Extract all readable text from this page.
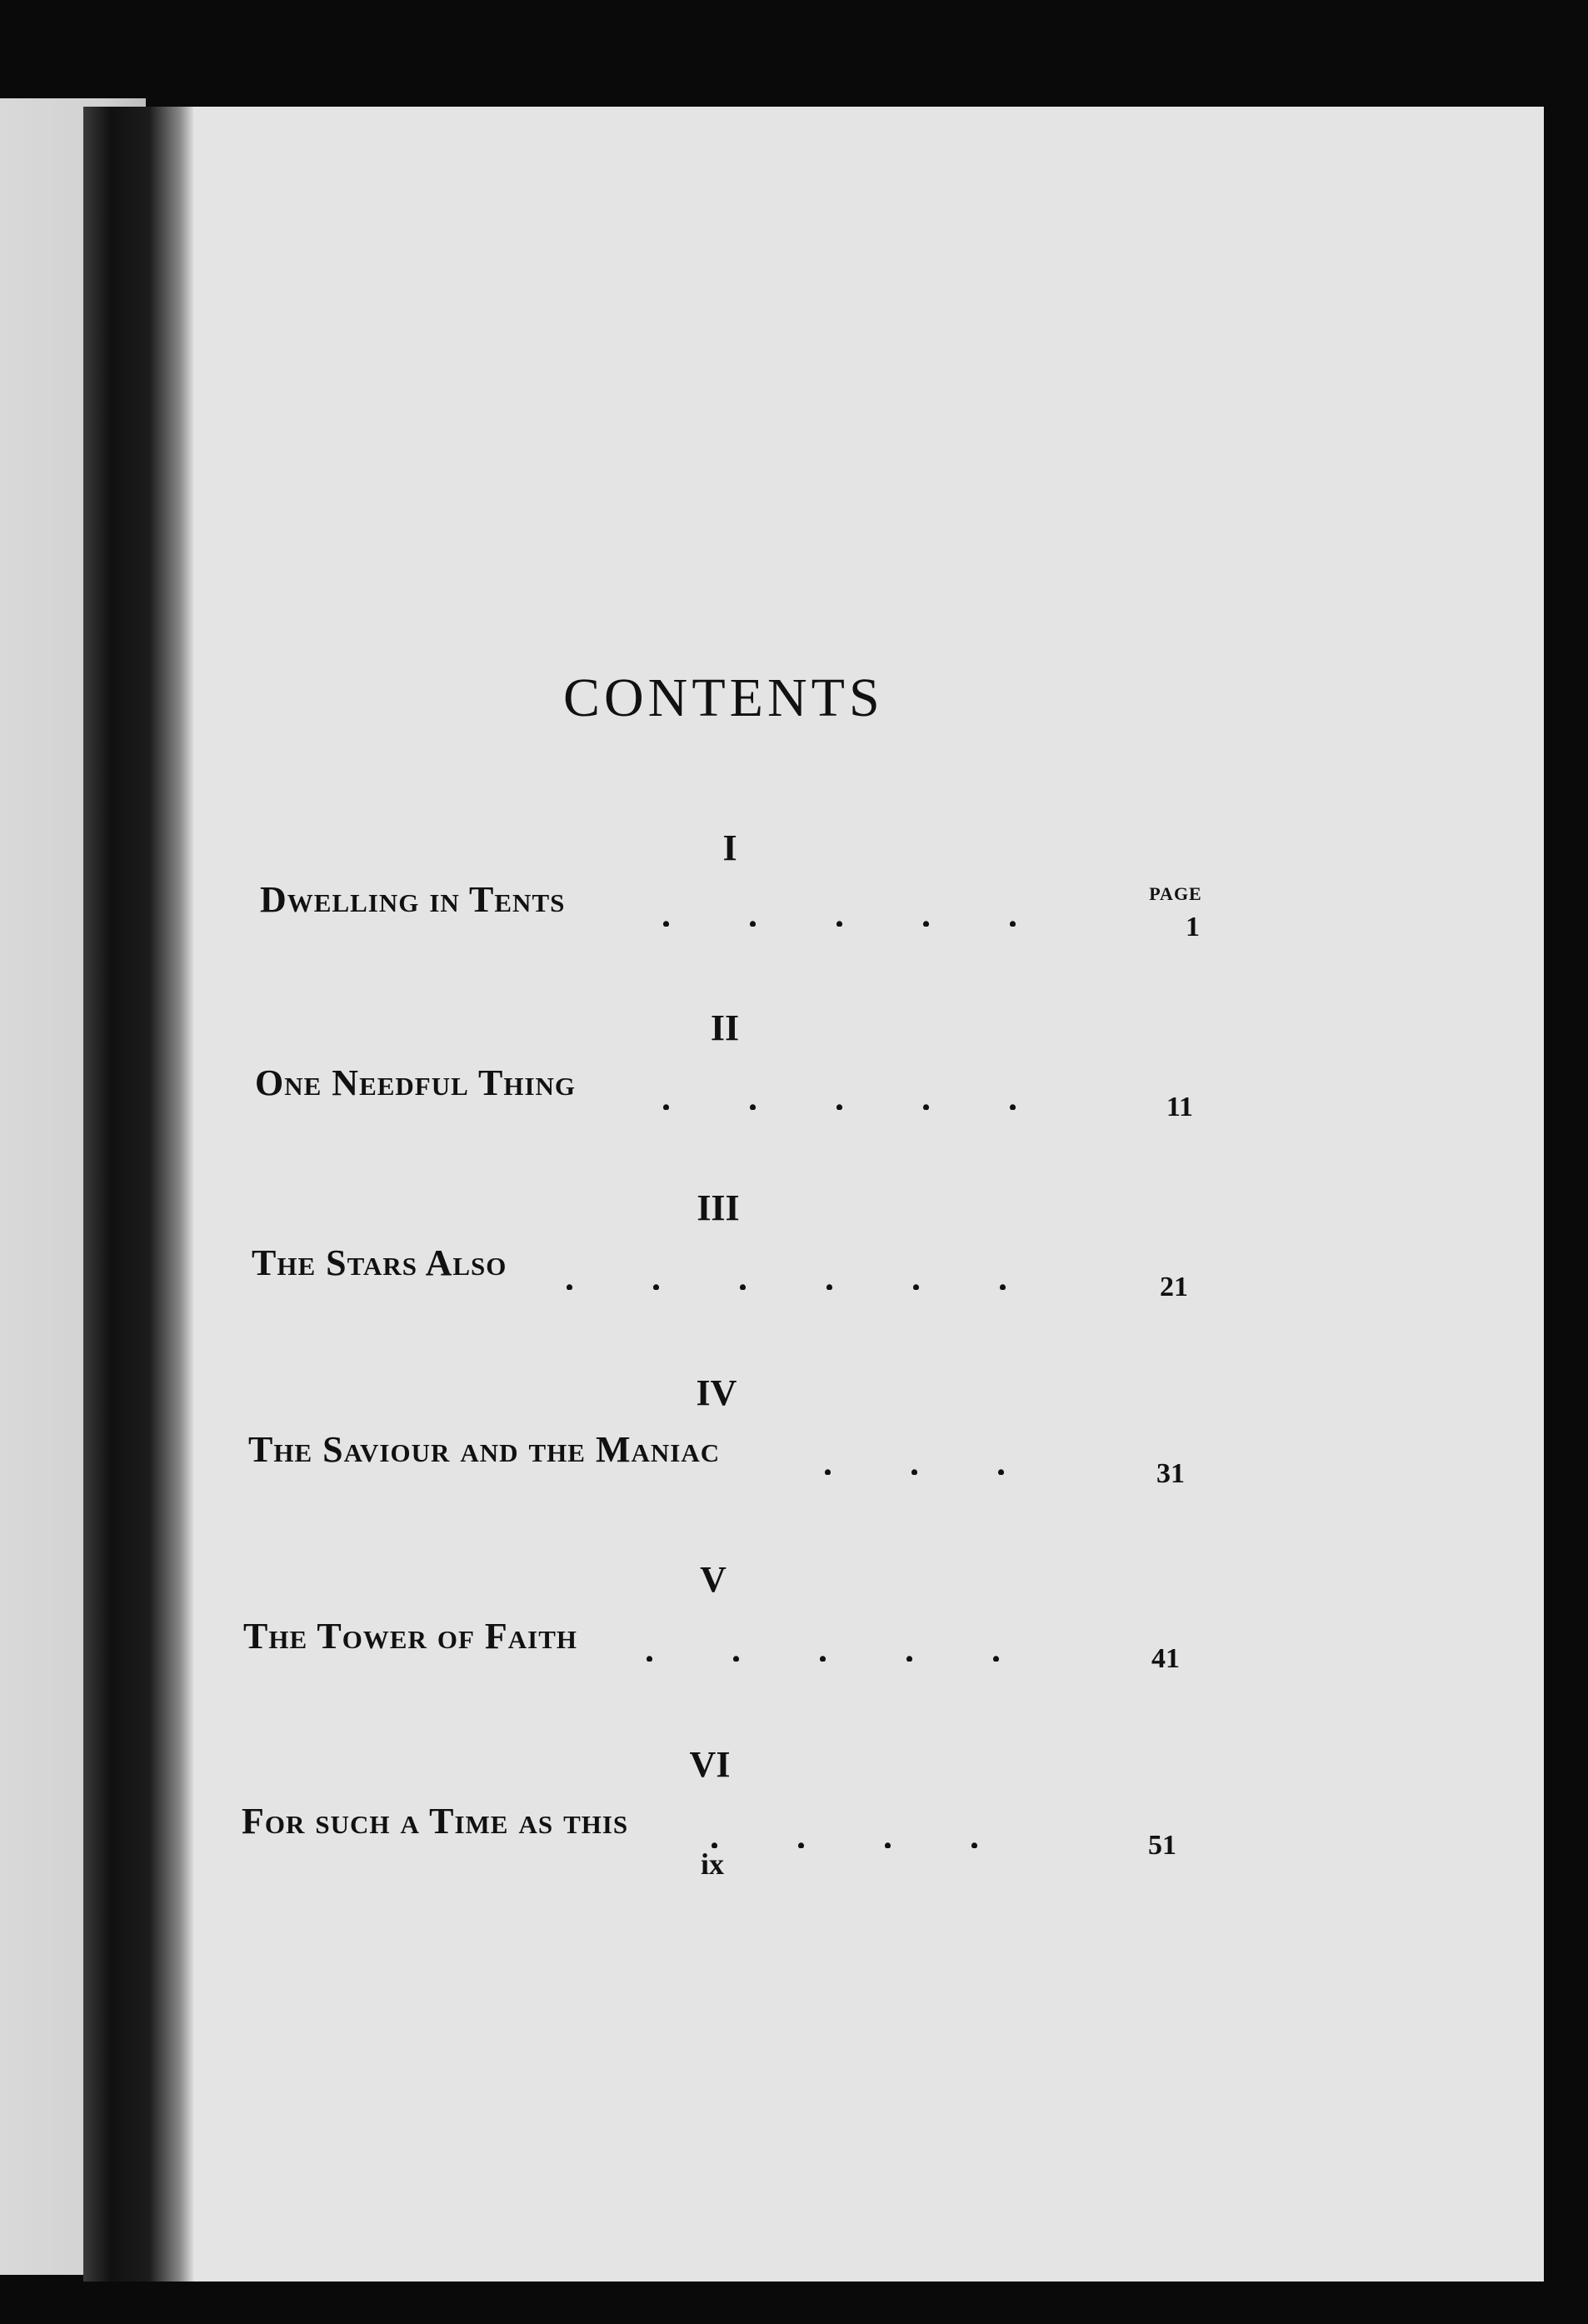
CONTENTS
PAGE
I
Dwelling in Tents	. . . . .	1
II
One Needful Thing . . . . .	11
III
The Stars Also . . . . . .	21
IV
The Saviour and the Maniac	. . .	31
V
The Tower of Faith . . . . .	41
VI
For such a Time as this . . . .	51
ix
